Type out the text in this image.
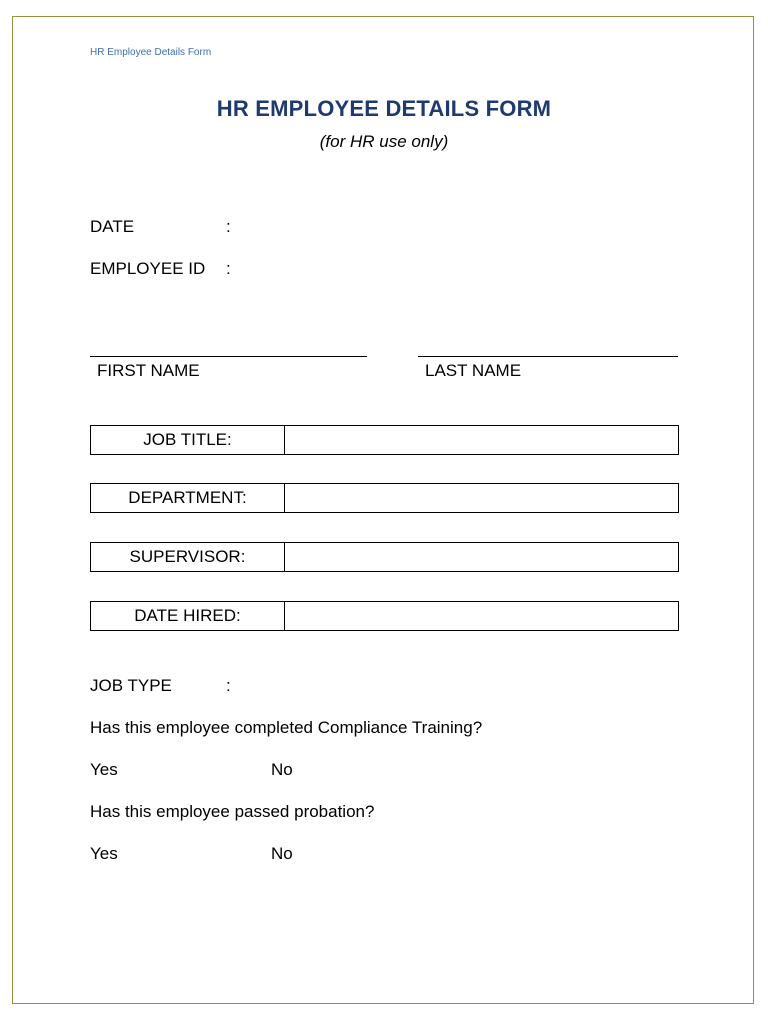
HR Employee Details Form
HR EMPLOYEE DETAILS FORM
(for HR use only)
DATE	:
EMPLOYEE ID :
FIRST NAME	LAST NAME
JOB TITLE:
DEPARTMENT:
SUPERVISOR:
DATE HIRED:
JOB TYPE	:
Has this employee completed Compliance Training?
Yes	No
Has this employee passed probation?
Yes	No
